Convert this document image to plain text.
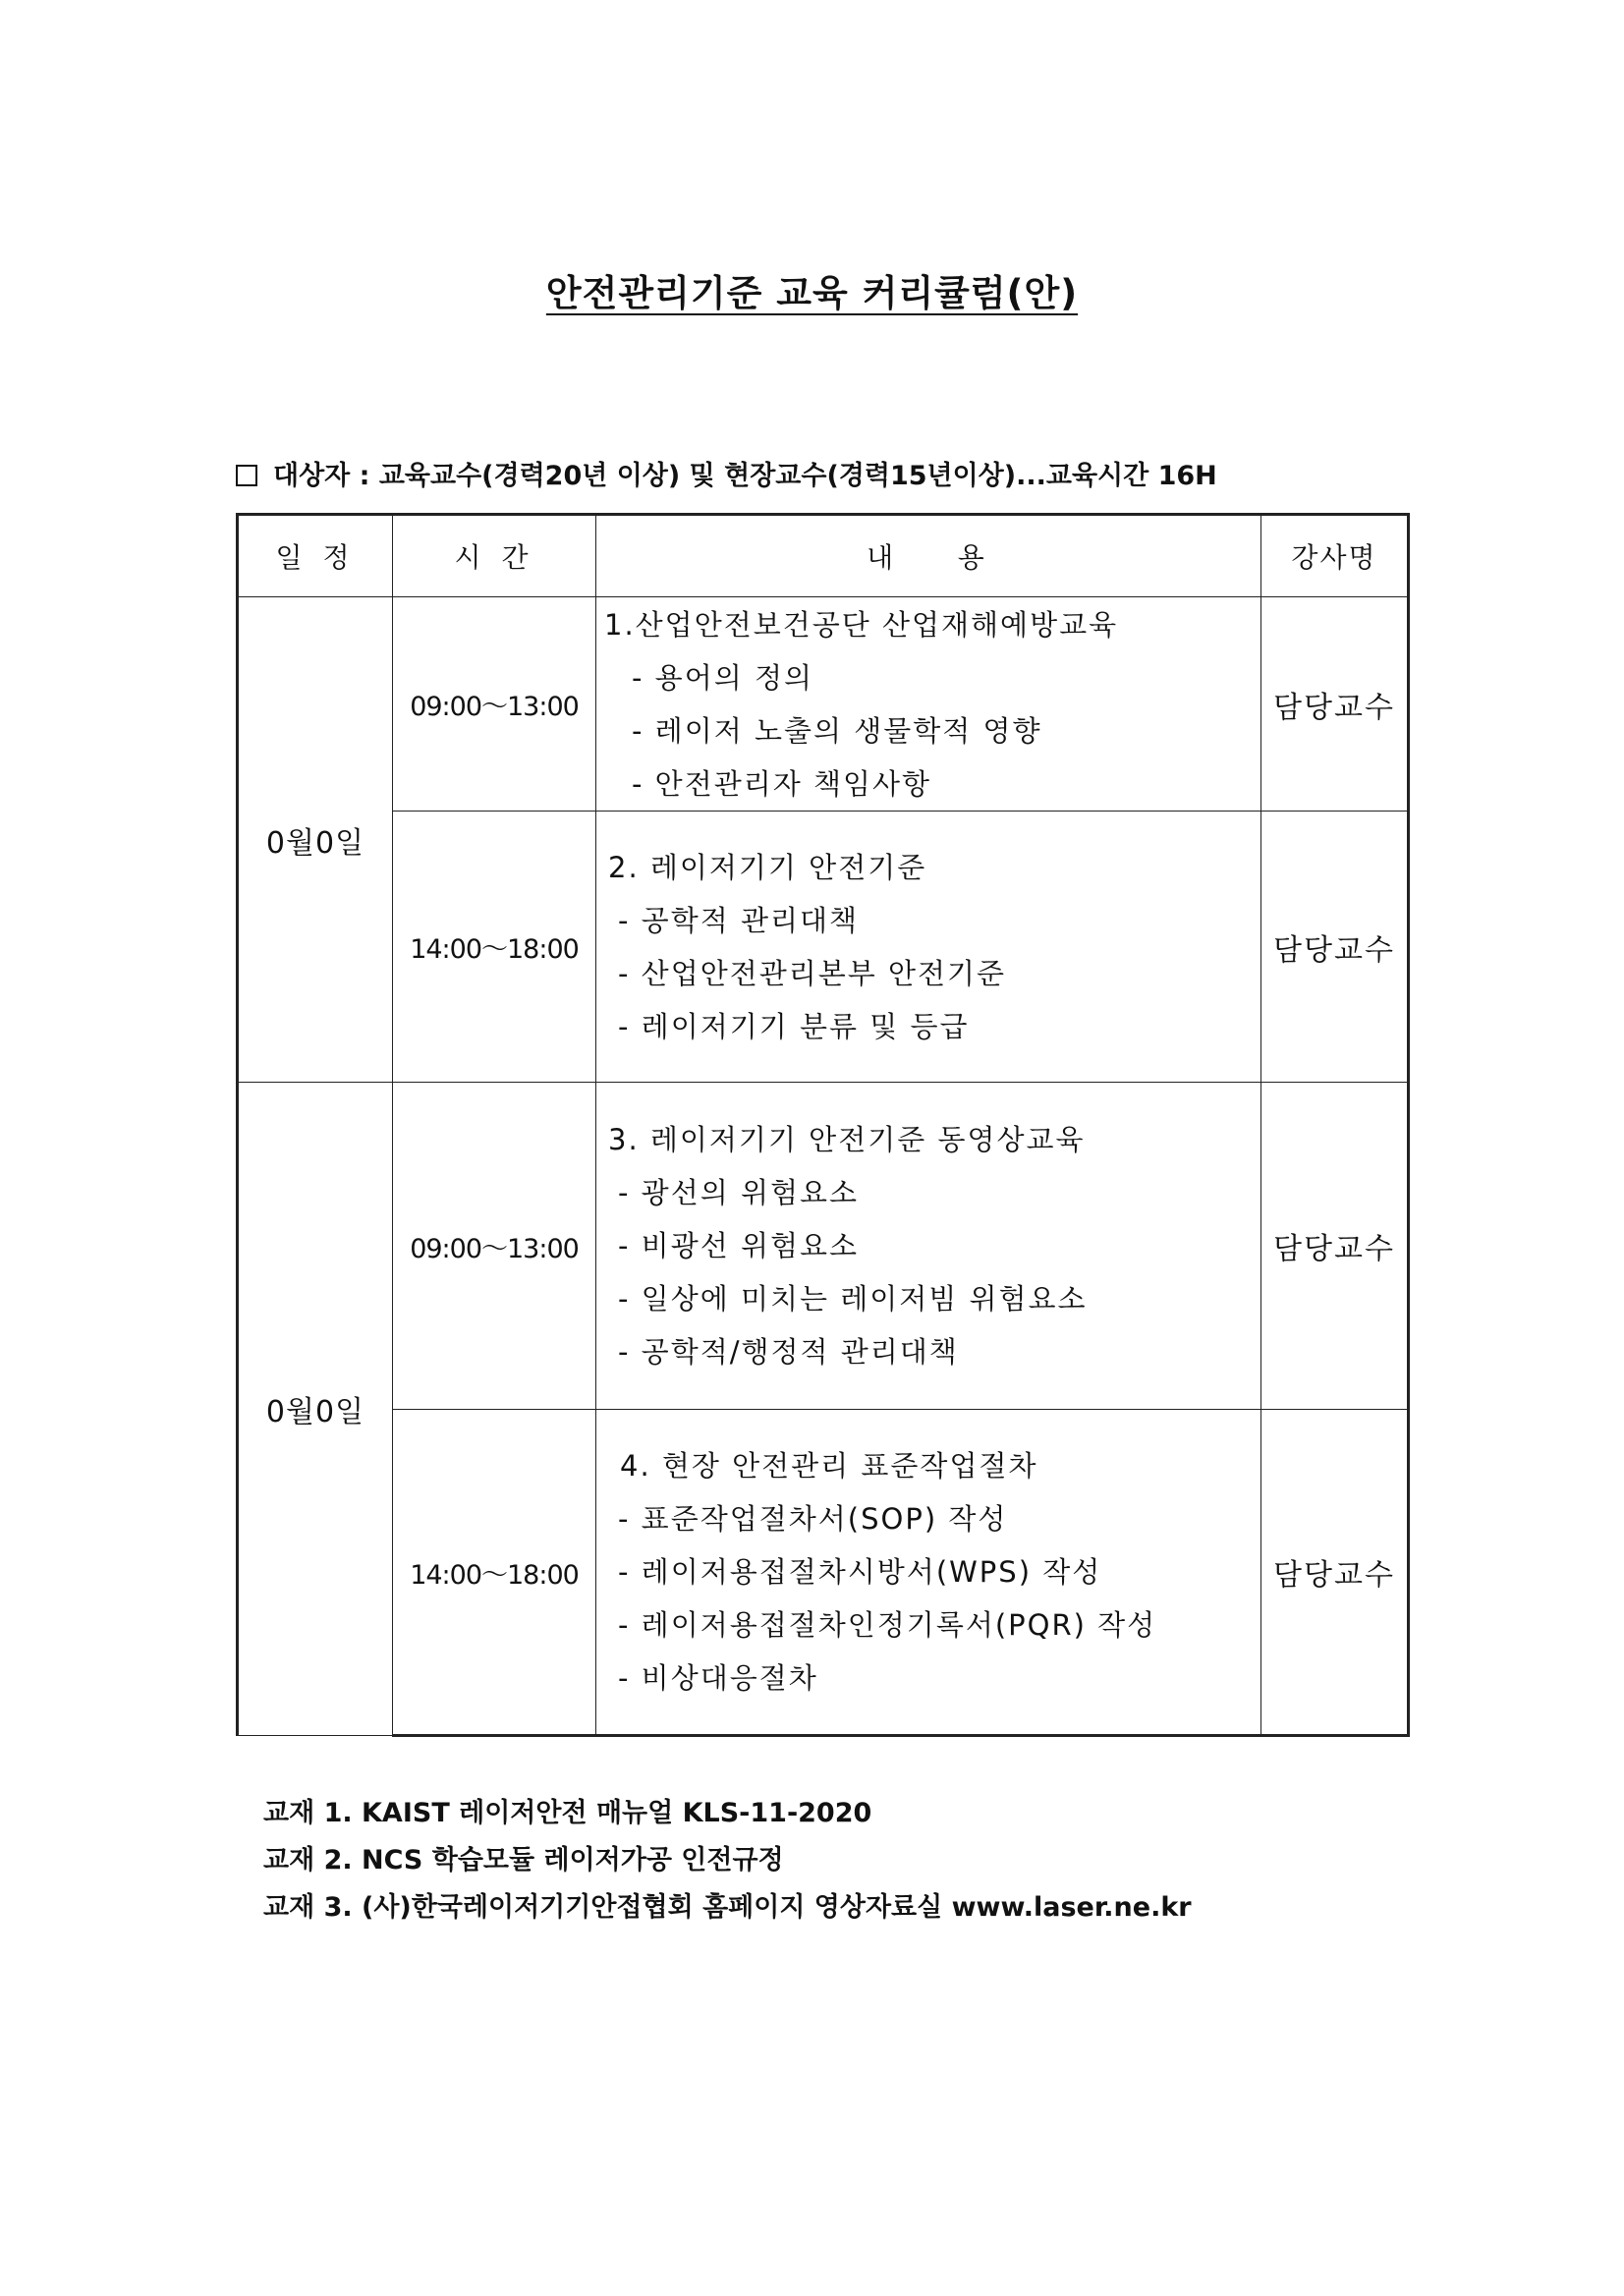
안전관리기준 교육 커리큘럼(안)
대상자 : 교육교수(경력20년 이상) 및 현장교수(경력15년이상)...교육시간 16H
일 정	시 간	내    용	강사명
0월0일	09:00～13:00	1.산업안전보건공단 산업재해예방교육
- 용어의 정의
- 레이저 노출의 생물학적 영향
- 안전관리자 책임사항	담당교수
	14:00～18:00	2. 레이저기기 안전기준
- 공학적 관리대책
- 산업안전관리본부 안전기준
- 레이저기기 분류 및 등급	담당교수
0월0일	09:00～13:00	3. 레이저기기 안전기준 동영상교육
- 광선의 위험요소
- 비광선 위험요소
- 일상에 미치는 레이저빔 위험요소
- 공학적/행정적 관리대책	담당교수
	14:00～18:00	4. 현장 안전관리 표준작업절차
- 표준작업절차서(SOP) 작성
- 레이저용접절차시방서(WPS) 작성
- 레이저용접절차인정기록서(PQR) 작성
- 비상대응절차	담당교수
교재 1. KAIST 레이저안전 매뉴얼 KLS-11-2020
교재 2. NCS 학습모듈 레이저가공 인전규정
교재 3. (사)한국레이저기기안접협회 홈페이지 영상자료실 www.laser.ne.kr
